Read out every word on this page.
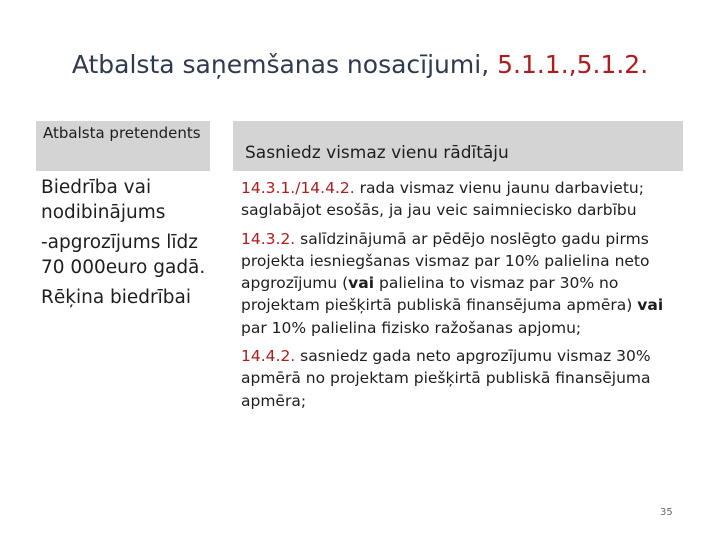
Atbalsta saņemšanas nosacījumi, 5.1.1.,5.1.2.
Atbalsta pretendents
Sasniedz vismaz vienu rādītāju
Biedrība vai nodibinājums
-apgrozījums līdz 70 000euro gadā.
Rēķina biedrībai

14.3.1./14.4.2. rada vismaz vienu jaunu darbavietu; saglabājot esošās, ja jau veic saimniecisko darbību

14.3.2. salīdzinājumā ar pēdējo noslēgto gadu pirms projekta iesniegšanas vismaz par 10% palielina neto apgrozījumu (vai palielina to vismaz par 30% no projektam piešķirtā publiskā finansējuma apmēra) vai par 10% palielina fizisko ražošanas apjomu;

14.4.2. sasniedz gada neto apgrozījumu vismaz 30% apmērā no projektam piešķirtā publiskā finansējuma apmēra;

35
